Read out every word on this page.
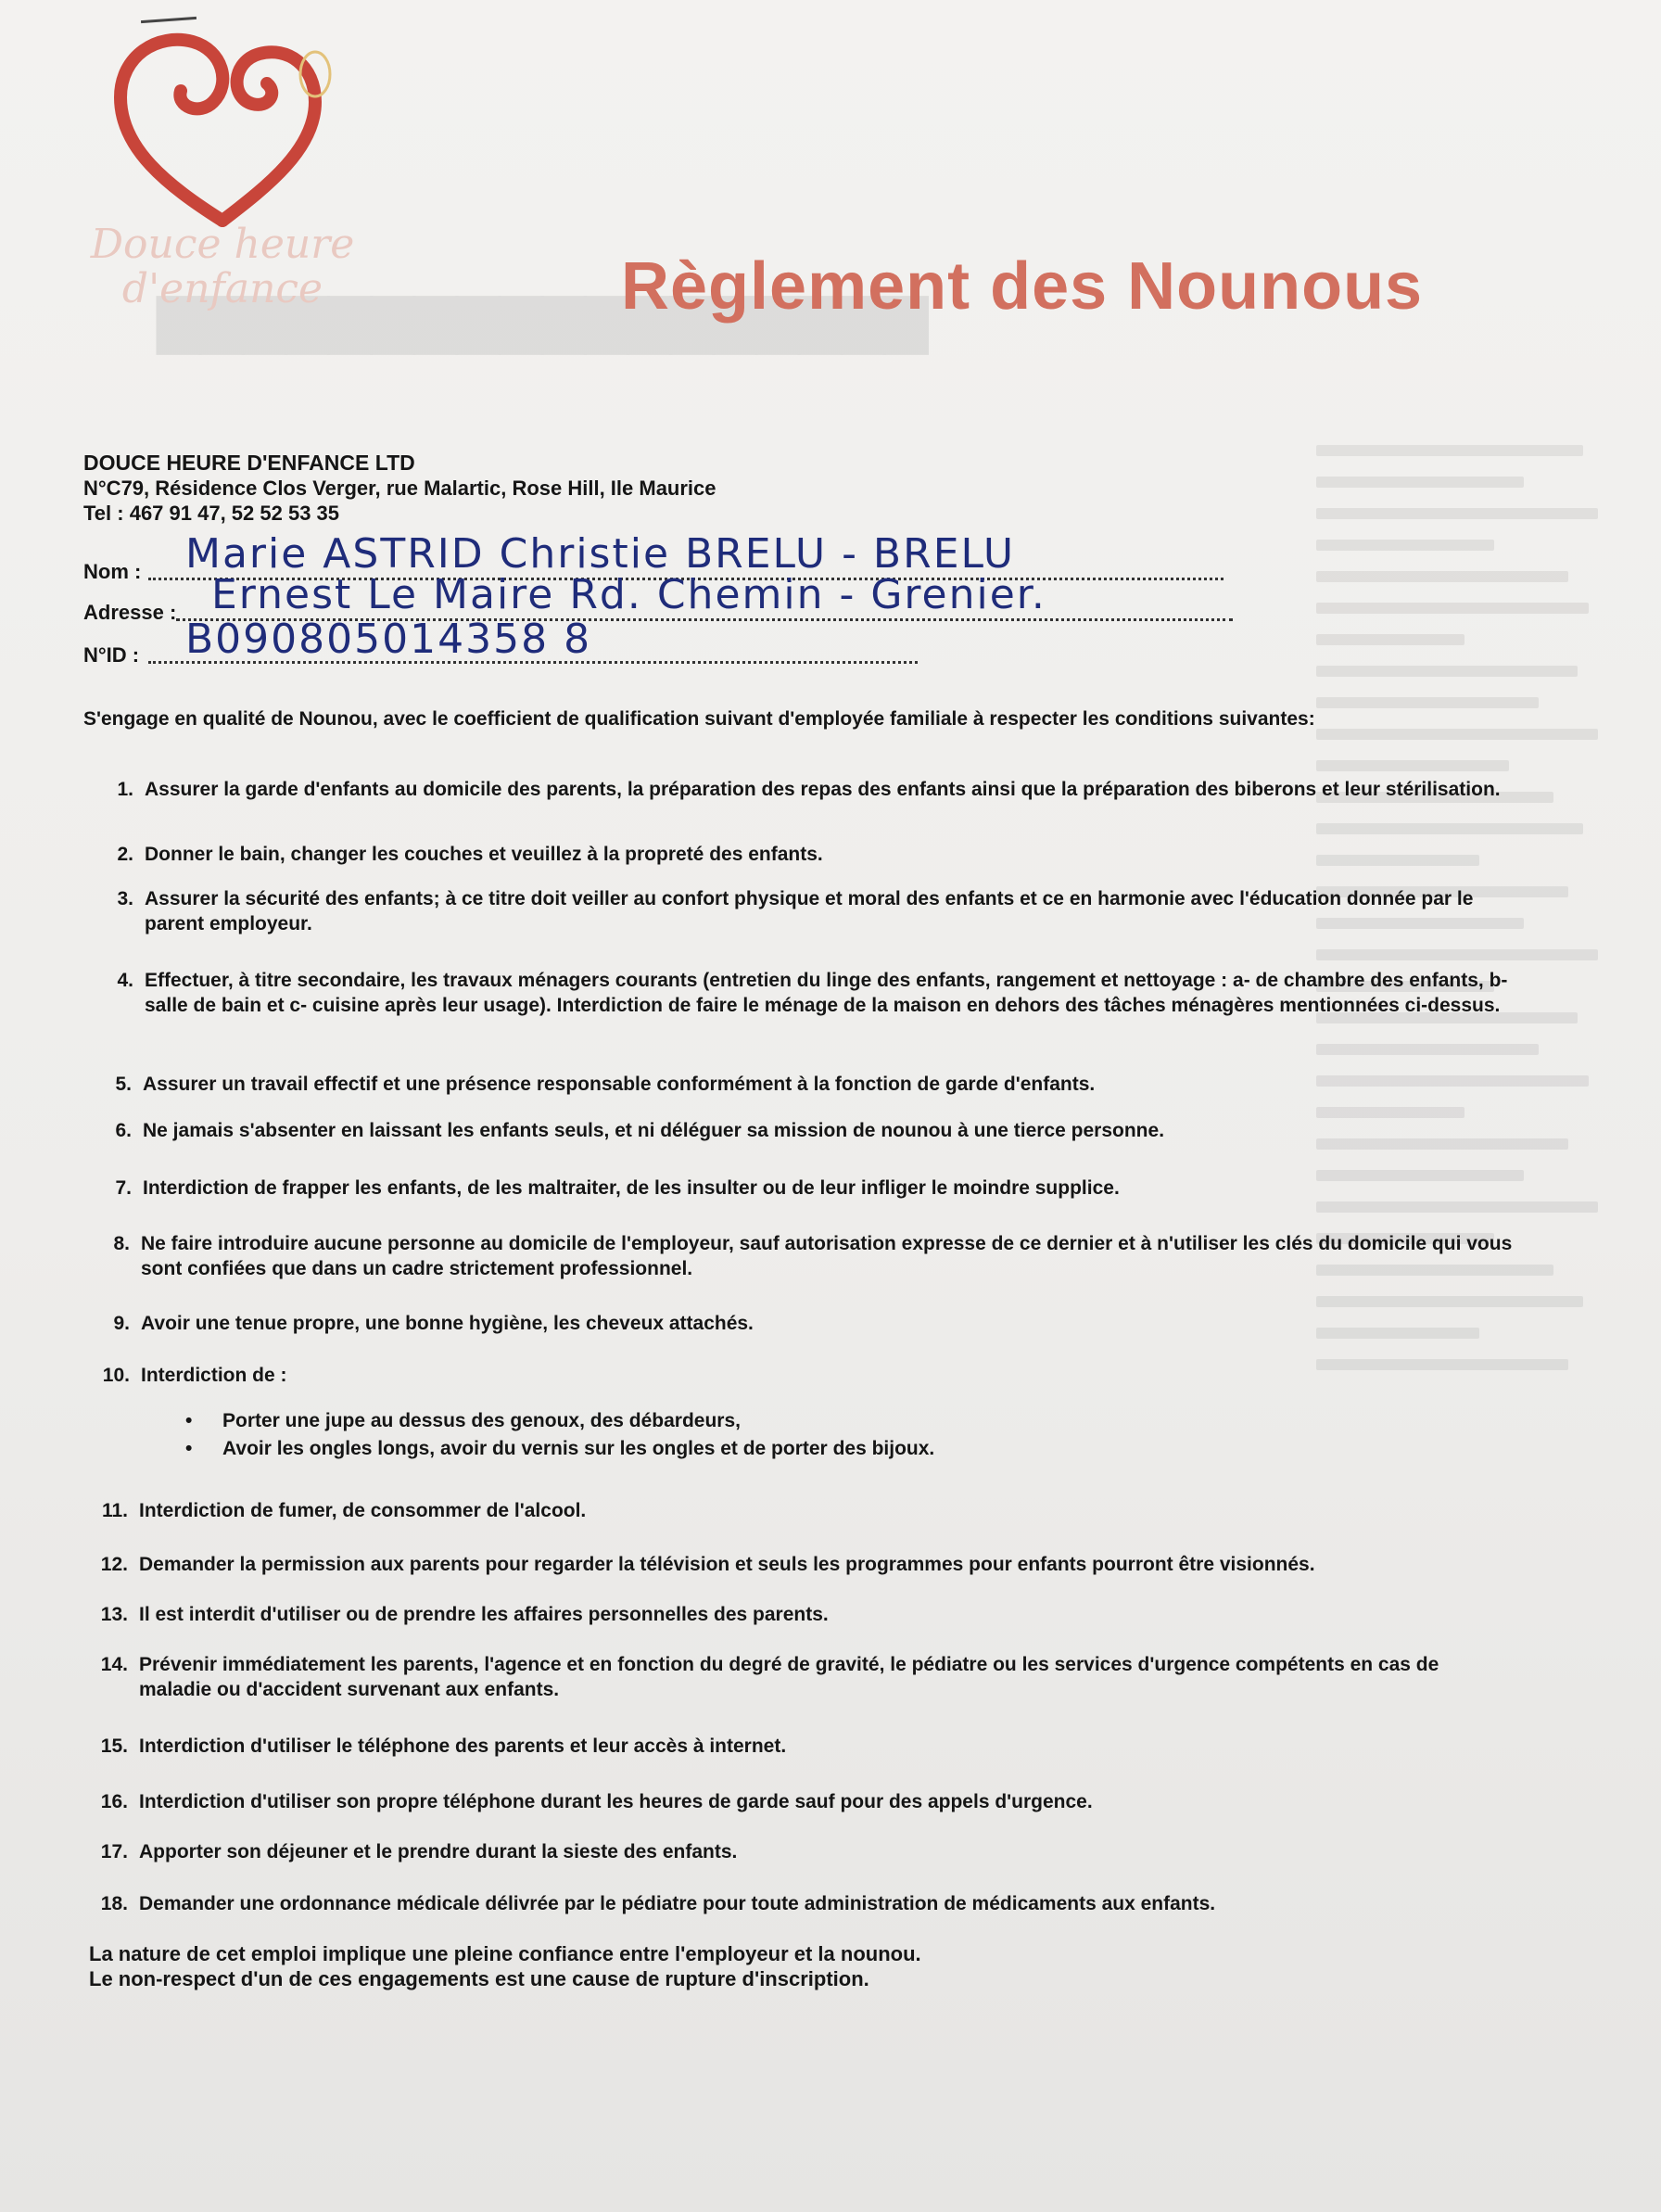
▇▇▇▇▇▇▇▇▇▇▇▇▇▇▇▇▇▇
Douce heure
d'enfance	Règlement des Nounous
DOUCE HEURE D'ENFANCE LTD
N°C79, Résidence Clos Verger, rue Malartic, Rose Hill, Ile Maurice
Tel : 467 91 47, 52 52 53 35
Nom : Marie ASTRID Christie BRELU - BRELU
Adresse : Ernest Le Maire Rd. Chemin - Grenier.
N°ID : B090805014358 8
S'engage en qualité de Nounou, avec le coefficient de qualification suivant d'employée familiale à respecter les conditions suivantes:
1. Assurer la garde d'enfants au domicile des parents, la préparation des repas des enfants ainsi que la préparation des biberons et leur stérilisation.
2. Donner le bain, changer les couches et veuillez à la propreté des enfants.
3. Assurer la sécurité des enfants; à ce titre doit veiller au confort physique et moral des enfants et ce en harmonie avec l'éducation donnée par le parent employeur.
4. Effectuer, à titre secondaire, les travaux ménagers courants (entretien du linge des enfants, rangement et nettoyage : a- de chambre des enfants, b- salle de bain et c- cuisine après leur usage). Interdiction de faire le ménage de la maison en dehors des tâches ménagères mentionnées ci-dessus.
5. Assurer un travail effectif et une présence responsable conformément à la fonction de garde d'enfants.
6. Ne jamais s'absenter en laissant les enfants seuls, et ni déléguer sa mission de nounou à une tierce personne.
7. Interdiction de frapper les enfants, de les maltraiter, de les insulter ou de leur infliger le moindre supplice.
8. Ne faire introduire aucune personne au domicile de l'employeur, sauf autorisation expresse de ce dernier et à n'utiliser les clés du domicile qui vous sont confiées que dans un cadre strictement professionnel.
9. Avoir une tenue propre, une bonne hygiène, les cheveux attachés.
10. Interdiction de :
• Porter une jupe au dessus des genoux, des débardeurs,
• Avoir les ongles longs, avoir du vernis sur les ongles et de porter des bijoux.
11. Interdiction de fumer, de consommer de l'alcool.
12. Demander la permission aux parents pour regarder la télévision et seuls les programmes pour enfants pourront être visionnés.
13. Il est interdit d'utiliser ou de prendre les affaires personnelles des parents.
14. Prévenir immédiatement les parents, l'agence et en fonction du degré de gravité, le pédiatre ou les services d'urgence compétents en cas de maladie ou d'accident survenant aux enfants.
15. Interdiction d'utiliser le téléphone des parents et leur accès à internet.
16. Interdiction d'utiliser son propre téléphone durant les heures de garde sauf pour des appels d'urgence.
17. Apporter son déjeuner et le prendre durant la sieste des enfants.
18. Demander une ordonnance médicale délivrée par le pédiatre pour toute administration de médicaments aux enfants.
La nature de cet emploi implique une pleine confiance entre l'employeur et la nounou.
Le non-respect d'un de ces engagements est une cause de rupture d'inscription.
